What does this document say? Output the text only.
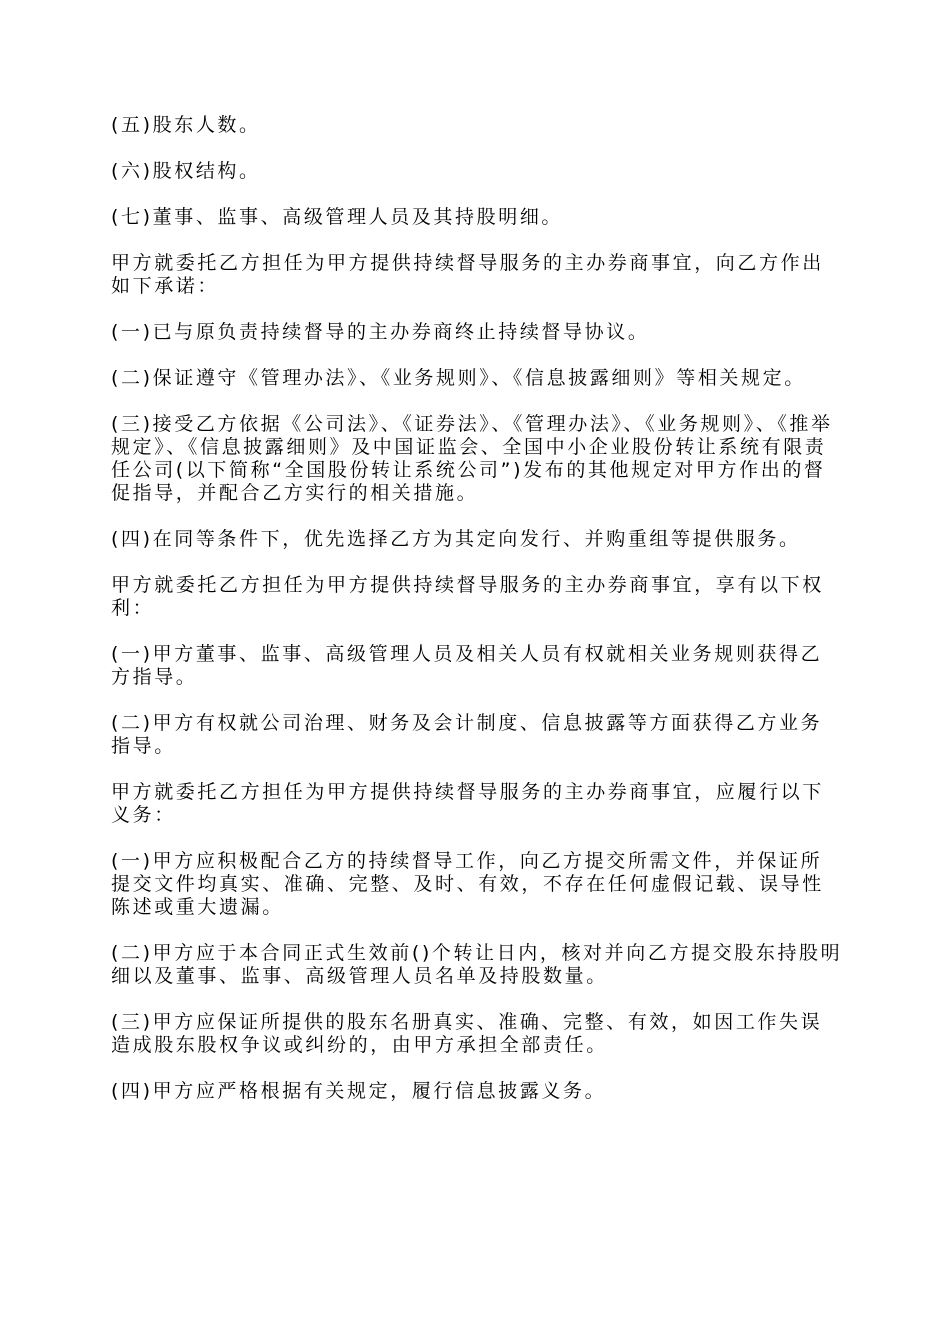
(五)股东人数。

(六)股权结构。

(七)董事、监事、高级管理人员及其持股明细。

甲方就委托乙方担任为甲方提供持续督导服务的主办券商事宜，向乙方作出如下承诺：

(一)已与原负责持续督导的主办券商终止持续督导协议。

(二)保证遵守《管理办法》、《业务规则》、《信息披露细则》等相关规定。

(三)接受乙方依据《公司法》、《证券法》、《管理办法》、《业务规则》、《推举规定》、《信息披露细则》及中国证监会、全国中小企业股份转让系统有限责任公司(以下简称“全国股份转让系统公司”)发布的其他规定对甲方作出的督促指导，并配合乙方实行的相关措施。

(四)在同等条件下，优先选择乙方为其定向发行、并购重组等提供服务。

甲方就委托乙方担任为甲方提供持续督导服务的主办券商事宜，享有以下权利：

(一)甲方董事、监事、高级管理人员及相关人员有权就相关业务规则获得乙方指导。

(二)甲方有权就公司治理、财务及会计制度、信息披露等方面获得乙方业务指导。

甲方就委托乙方担任为甲方提供持续督导服务的主办券商事宜，应履行以下义务：

(一)甲方应积极配合乙方的持续督导工作，向乙方提交所需文件，并保证所提交文件均真实、准确、完整、及时、有效，不存在任何虚假记载、误导性陈述或重大遗漏。

(二)甲方应于本合同正式生效前()个转让日内，核对并向乙方提交股东持股明细以及董事、监事、高级管理人员名单及持股数量。

(三)甲方应保证所提供的股东名册真实、准确、完整、有效，如因工作失误造成股东股权争议或纠纷的，由甲方承担全部责任。

(四)甲方应严格根据有关规定，履行信息披露义务。
